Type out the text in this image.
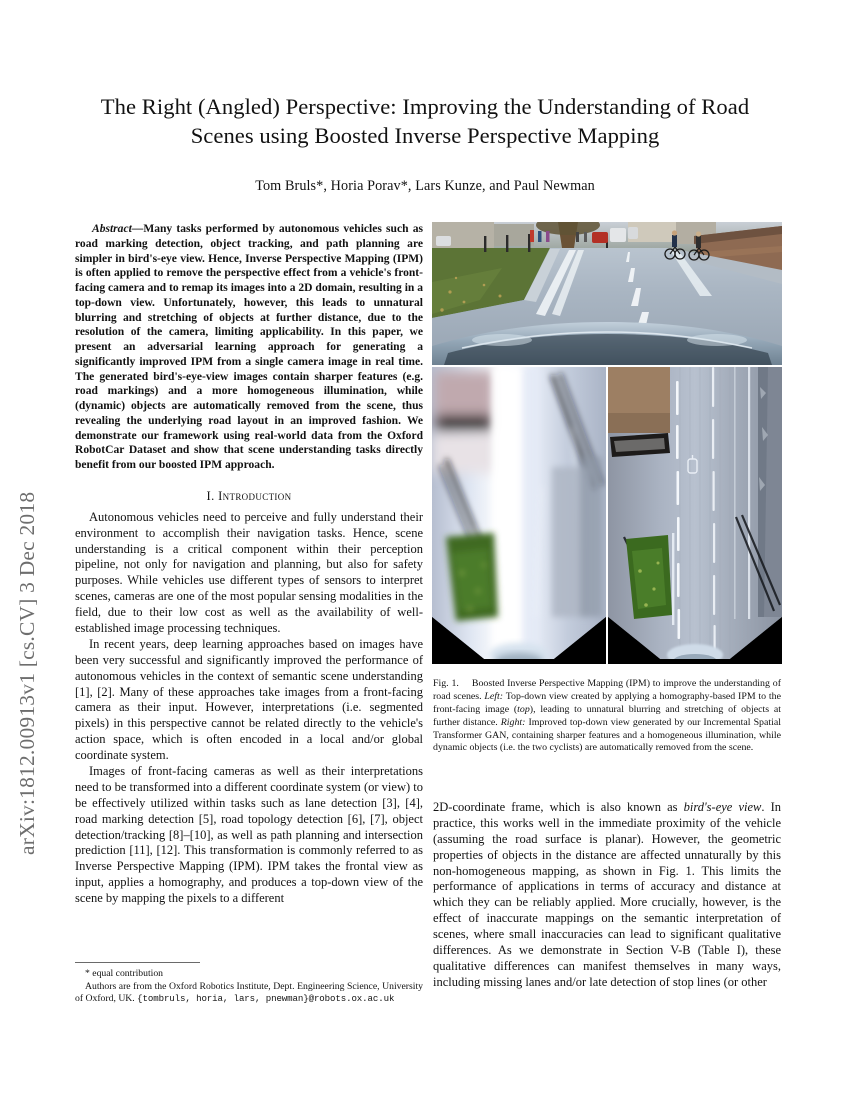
arXiv:1812.00913v1 [cs.CV] 3 Dec 2018
The Right (Angled) Perspective: Improving the Understanding of Road Scenes using Boosted Inverse Perspective Mapping
Tom Bruls*, Horia Porav*, Lars Kunze, and Paul Newman

Abstract—Many tasks performed by autonomous vehicles such as road marking detection, object tracking, and path planning are simpler in bird's-eye view. Hence, Inverse Perspective Mapping (IPM) is often applied to remove the perspective effect from a vehicle's front-facing camera and to remap its images into a 2D domain, resulting in a top-down view. Unfortunately, however, this leads to unnatural blurring and stretching of objects at further distance, due to the resolution of the camera, limiting applicability. In this paper, we present an adversarial learning approach for generating a significantly improved IPM from a single camera image in real time. The generated bird's-eye-view images contain sharper features (e.g. road markings) and a more homogeneous illumination, while (dynamic) objects are automatically removed from the scene, thus revealing the underlying road layout in an improved fashion. We demonstrate our framework using real-world data from the Oxford RobotCar Dataset and show that scene understanding tasks directly benefit from our boosted IPM approach.

I. Introduction

Autonomous vehicles need to perceive and fully understand their environment to accomplish their navigation tasks. Hence, scene understanding is a critical component within their perception pipeline, not only for navigation and planning, but also for safety purposes. While vehicles use different types of sensors to interpret scenes, cameras are one of the most popular sensing modalities in the field, due to their low cost as well as the availability of well-established image processing techniques.

In recent years, deep learning approaches based on images have been very successful and significantly improved the performance of autonomous vehicles in the context of semantic scene understanding [1], [2]. Many of these approaches take images from a front-facing camera as their input. However, interpretations (i.e. segmented pixels) in this perspective cannot be related directly to the vehicle's action space, which is often encoded in a local and/or global coordinate system.

Images of front-facing cameras as well as their interpretations need to be transformed into a different coordinate system (or view) to be effectively utilized within tasks such as lane detection [3], [4], road marking detection [5], road topology detection [6], [7], object detection/tracking [8]–[10], as well as path planning and intersection prediction [11], [12]. This transformation is commonly referred to as Inverse Perspective Mapping (IPM). IPM takes the frontal view as input, applies a homography, and produces a top-down view of the scene by mapping the pixels to a different

* equal contribution

Authors are from the Oxford Robotics Institute, Dept. Engineering Science, University of Oxford, UK. {tombruls, horia, lars, pnewman}@robots.ox.ac.uk

Fig. 1. Boosted Inverse Perspective Mapping (IPM) to improve the understanding of road scenes. Left: Top-down view created by applying a homography-based IPM to the front-facing image (top), leading to unnatural blurring and stretching of objects at further distance. Right: Improved top-down view generated by our Incremental Spatial Transformer GAN, containing sharper features and a homogeneous illumination, while dynamic objects (i.e. the two cyclists) are automatically removed from the scene.

2D-coordinate frame, which is also known as bird's-eye view. In practice, this works well in the immediate proximity of the vehicle (assuming the road surface is planar). However, the geometric properties of objects in the distance are affected unnaturally by this non-homogeneous mapping, as shown in Fig. 1. This limits the performance of applications in terms of accuracy and distance at which they can be reliably applied. More crucially, however, is the effect of inaccurate mappings on the semantic interpretation of scenes, where small inaccuracies can lead to significant qualitative differences. As we demonstrate in Section V-B (Table I), these qualitative differences can manifest themselves in many ways, including missing lanes and/or late detection of stop lines (or other
